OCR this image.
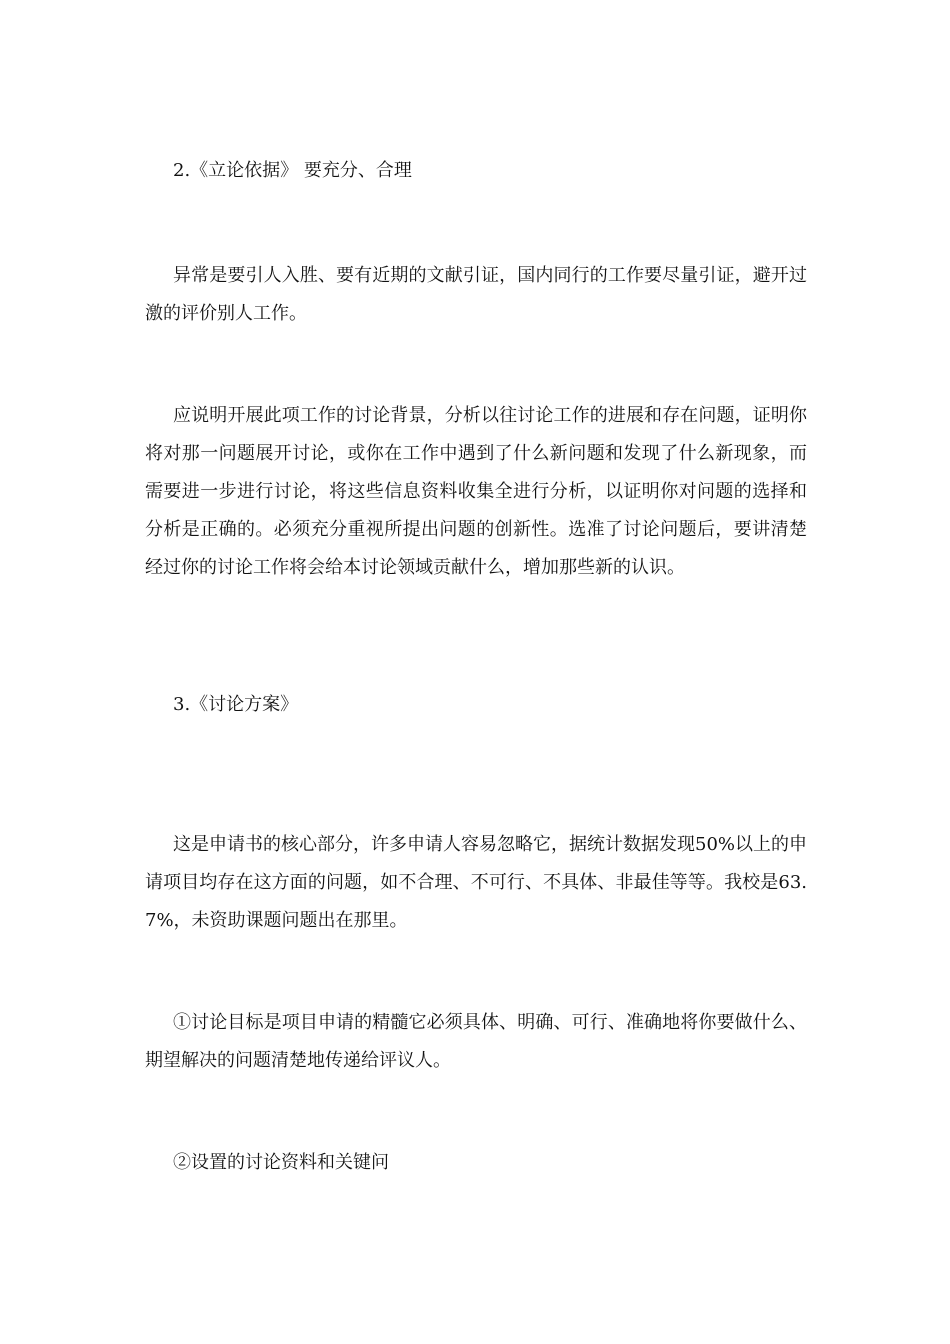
2.《立论依据》 要充分、合理

异常是要引人入胜、要有近期的文献引证，国内同行的工作要尽量引证，避开过激的评价别人工作。

应说明开展此项工作的讨论背景，分析以往讨论工作的进展和存在问题，证明你将对那一问题展开讨论，或你在工作中遇到了什么新问题和发现了什么新现象，而需要进一步进行讨论，将这些信息资料收集全进行分析，以证明你对问题的选择和分析是正确的。必须充分重视所提出问题的创新性。选准了讨论问题后，要讲清楚经过你的讨论工作将会给本讨论领域贡献什么，增加那些新的认识。

3.《讨论方案》

这是申请书的核心部分，许多申请人容易忽略它，据统计数据发现50%以上的申请项目均存在这方面的问题，如不合理、不可行、不具体、非最佳等等。我校是63.7%，未资助课题问题出在那里。

①讨论目标是项目申请的精髓它必须具体、明确、可行、准确地将你要做什么、期望解决的问题清楚地传递给评议人。

②设置的讨论资料和关键问
